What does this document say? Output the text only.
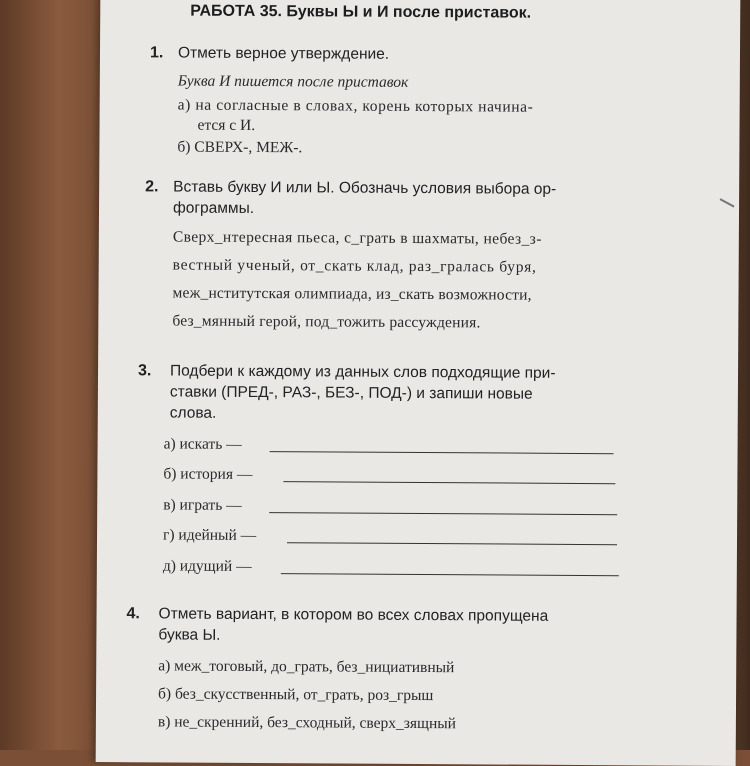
РАБОТА 35. Буквы Ы и И после приставок.
1. Отметь верное утверждение.
Буква И пишется после приставок
а) на согласные в словах, корень которых начина-
ется с И.
б) СВЕРХ-, МЕЖ-.
2. Вставь букву И или Ы. Обозначь условия выбора ор-
фограммы.
Сверх_нтересная пьеса, с_грать в шахматы, небез_з-
вестный ученый, от_скать клад, раз_гралась буря,
меж_нститутская олимпиада, из_скать возможности,
без_мянный герой, под_тожить рассуждения.
3. Подбери к каждому из данных слов подходящие при-
ставки (ПРЕД-, РАЗ-, БЕЗ-, ПОД-) и запиши новые
слова.
а) искать —
б) история —
в) играть —
г) идейный —
д) идущий —
4. Отметь вариант, в котором во всех словах пропущена
буква Ы.
а) меж_тоговый, до_грать, без_нициативный
б) без_скусственный, от_грать, роз_грыш
в) не_скренний, без_сходный, сверх_зящный
